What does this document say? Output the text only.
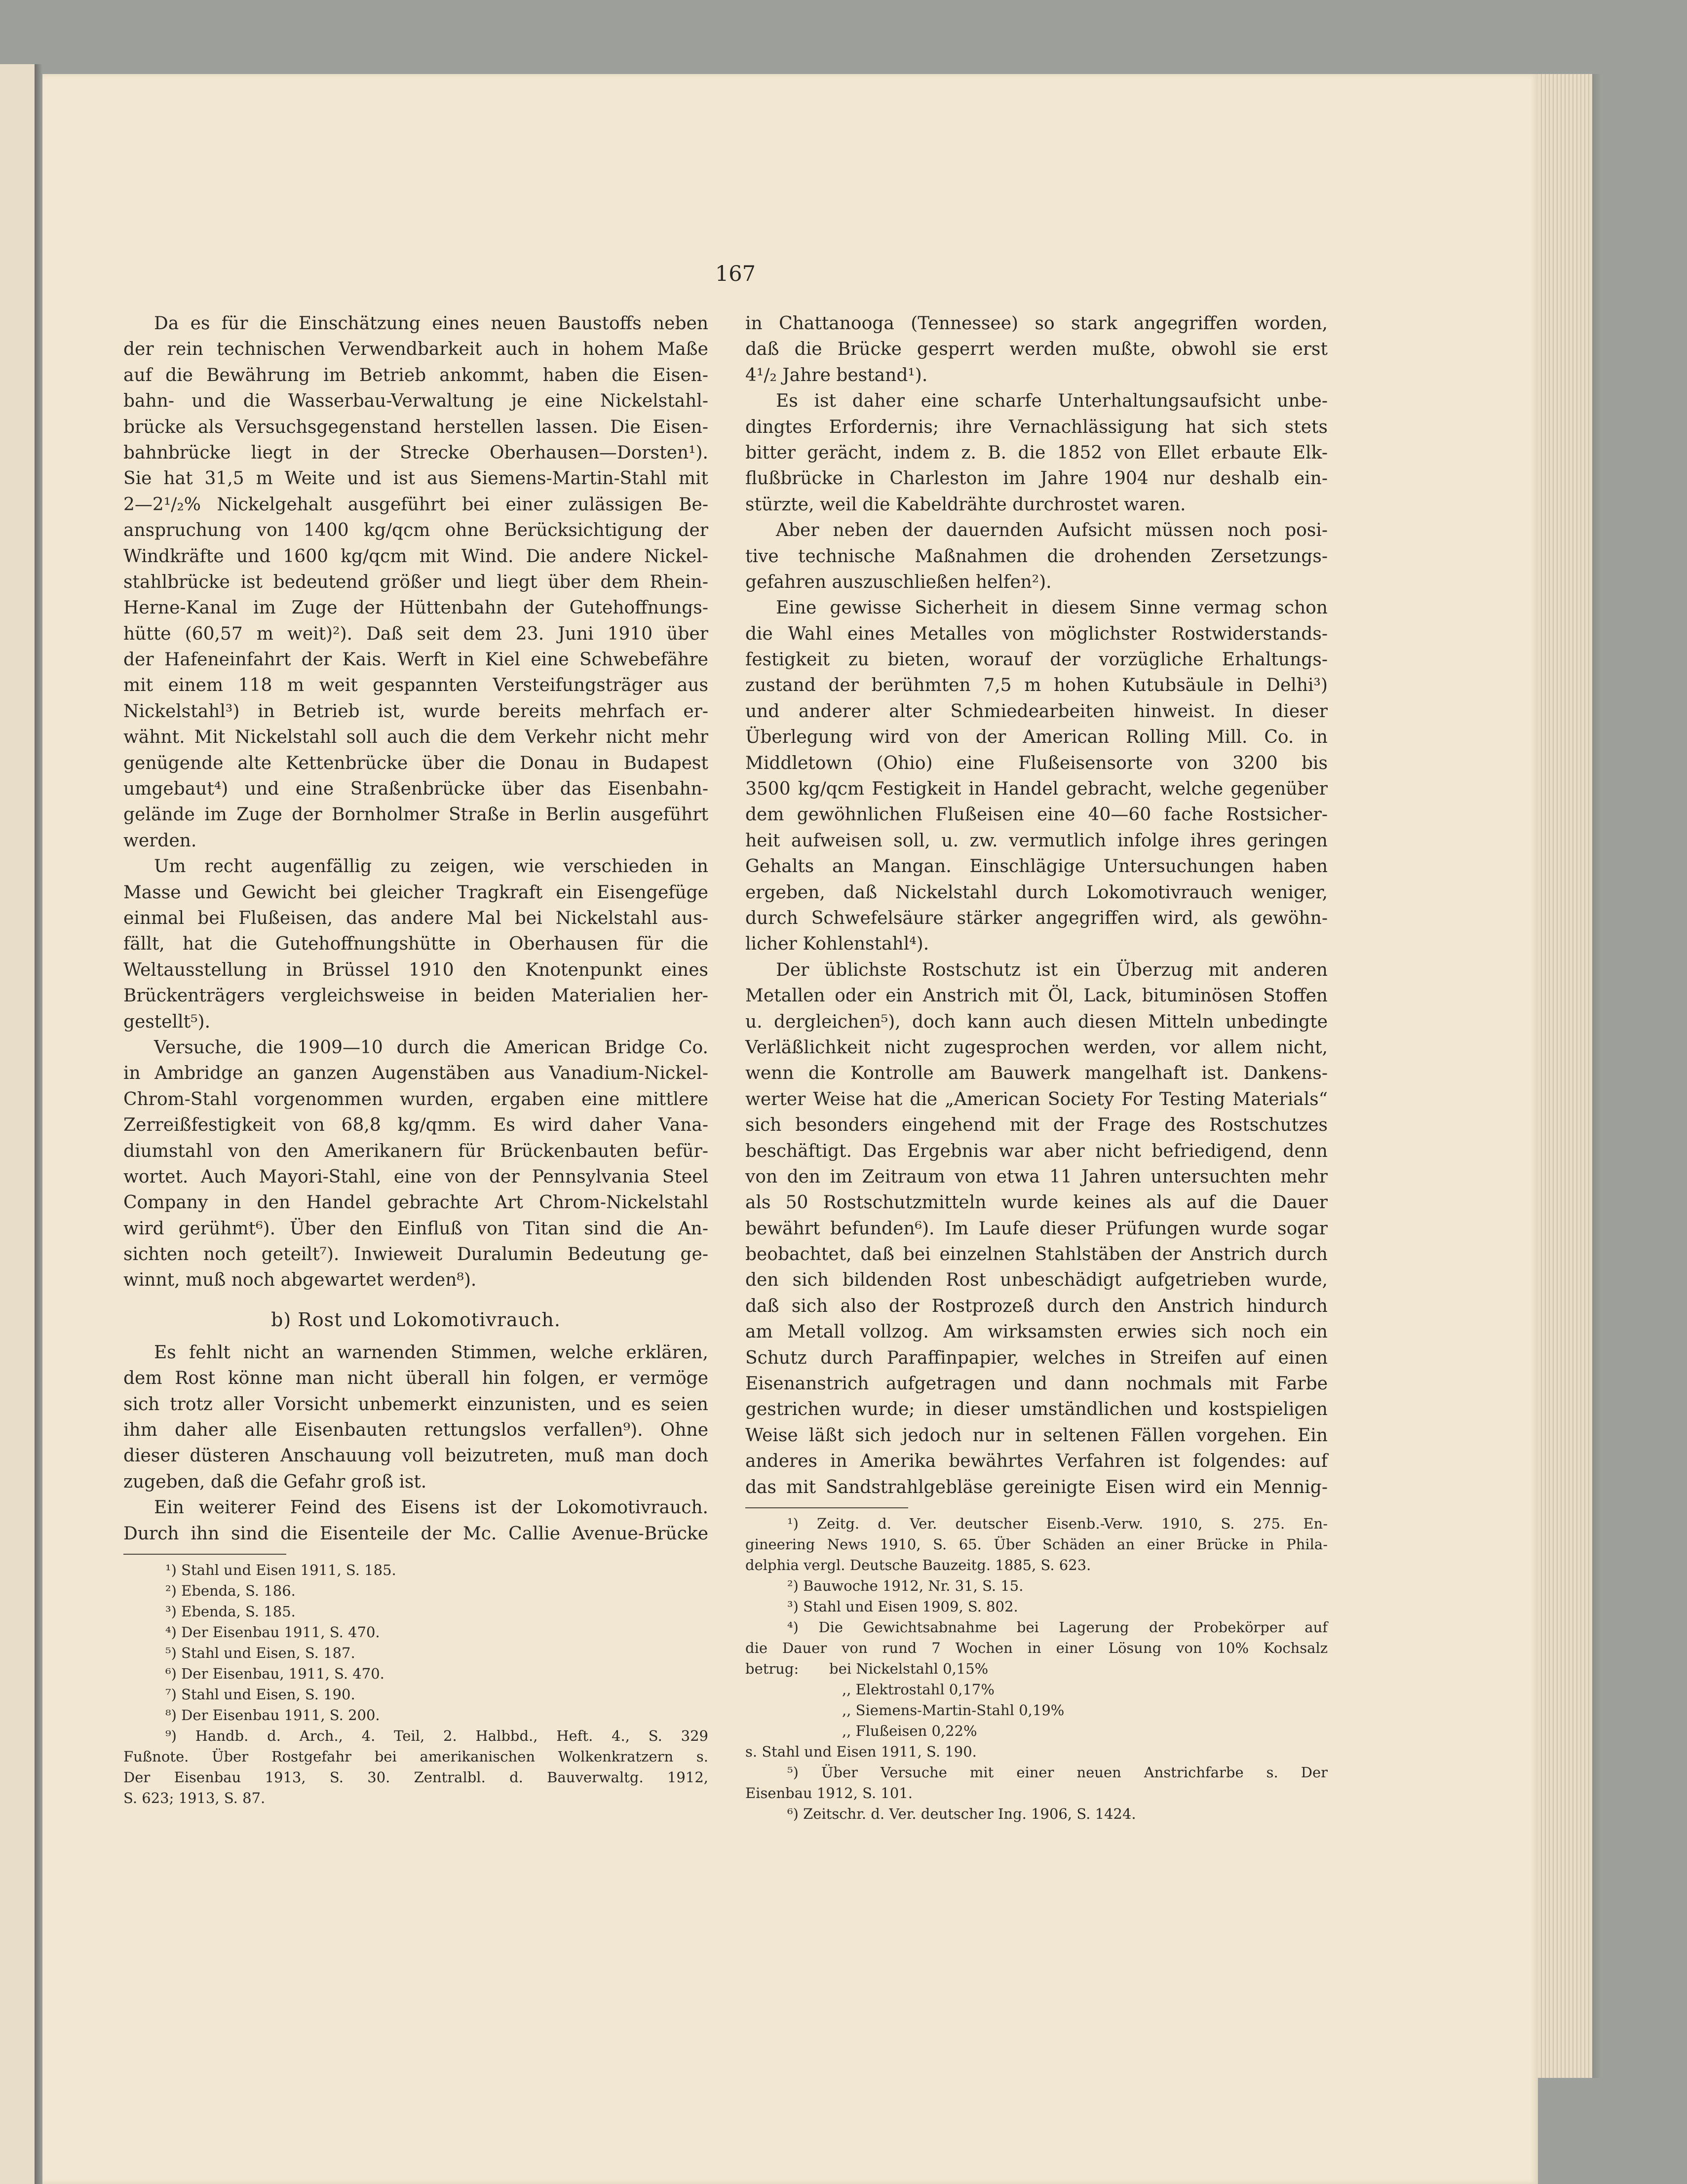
167

Da es für die Einschätzung eines neuen Baustoffs neben

der rein technischen Verwendbarkeit auch in hohem Maße

auf die Bewährung im Betrieb ankommt, haben die Eisen-

bahn- und die Wasserbau-Verwaltung je eine Nickelstahl-

brücke als Versuchsgegenstand herstellen lassen. Die Eisen-

bahnbrücke liegt in der Strecke Oberhausen—Dorsten¹).

Sie hat 31,5 m Weite und ist aus Siemens-Martin-Stahl mit

2—2¹/₂% Nickelgehalt ausgeführt bei einer zulässigen Be-

anspruchung von 1400 kg/qcm ohne Berücksichtigung der

Windkräfte und 1600 kg/qcm mit Wind. Die andere Nickel-

stahlbrücke ist bedeutend größer und liegt über dem Rhein-

Herne-Kanal im Zuge der Hüttenbahn der Gutehoffnungs-

hütte (60,57 m weit)²). Daß seit dem 23. Juni 1910 über

der Hafeneinfahrt der Kais. Werft in Kiel eine Schwebefähre

mit einem 118 m weit gespannten Versteifungsträger aus

Nickelstahl³) in Betrieb ist, wurde bereits mehrfach er-

wähnt. Mit Nickelstahl soll auch die dem Verkehr nicht mehr

genügende alte Kettenbrücke über die Donau in Budapest

umgebaut⁴) und eine Straßenbrücke über das Eisenbahn-

gelände im Zuge der Bornholmer Straße in Berlin ausgeführt

werden.

Um recht augenfällig zu zeigen, wie verschieden in

Masse und Gewicht bei gleicher Tragkraft ein Eisengefüge

einmal bei Flußeisen, das andere Mal bei Nickelstahl aus-

fällt, hat die Gutehoffnungshütte in Oberhausen für die

Weltausstellung in Brüssel 1910 den Knotenpunkt eines

Brückenträgers vergleichsweise in beiden Materialien her-

gestellt⁵).

Versuche, die 1909—10 durch die American Bridge Co.

in Ambridge an ganzen Augenstäben aus Vanadium-Nickel-

Chrom-Stahl vorgenommen wurden, ergaben eine mittlere

Zerreißfestigkeit von 68,8 kg/qmm. Es wird daher Vana-

diumstahl von den Amerikanern für Brückenbauten befür-

wortet. Auch Mayori-Stahl, eine von der Pennsylvania Steel

Company in den Handel gebrachte Art Chrom-Nickelstahl

wird gerühmt⁶). Über den Einfluß von Titan sind die An-

sichten noch geteilt⁷). Inwieweit Duralumin Bedeutung ge-

winnt, muß noch abgewartet werden⁸).

b) Rost und Lokomotivrauch.

Es fehlt nicht an warnenden Stimmen, welche erklären,

dem Rost könne man nicht überall hin folgen, er vermöge

sich trotz aller Vorsicht unbemerkt einzunisten, und es seien

ihm daher alle Eisenbauten rettungslos verfallen⁹). Ohne

dieser düsteren Anschauung voll beizutreten, muß man doch

zugeben, daß die Gefahr groß ist.

Ein weiterer Feind des Eisens ist der Lokomotivrauch.

Durch ihn sind die Eisenteile der Mc. Callie Avenue-Brücke

¹) Stahl und Eisen 1911, S. 185.

²) Ebenda, S. 186.

³) Ebenda, S. 185.

⁴) Der Eisenbau 1911, S. 470.

⁵) Stahl und Eisen, S. 187.

⁶) Der Eisenbau, 1911, S. 470.

⁷) Stahl und Eisen, S. 190.

⁸) Der Eisenbau 1911, S. 200.

⁹) Handb. d. Arch., 4. Teil, 2. Halbbd., Heft. 4., S. 329

Fußnote. Über Rostgefahr bei amerikanischen Wolkenkratzern s.

Der Eisenbau 1913, S. 30. Zentralbl. d. Bauverwaltg. 1912,

S. 623; 1913, S. 87.

in Chattanooga (Tennessee) so stark angegriffen worden,

daß die Brücke gesperrt werden mußte, obwohl sie erst

4¹/₂ Jahre bestand¹).

Es ist daher eine scharfe Unterhaltungsaufsicht unbe-

dingtes Erfordernis; ihre Vernachlässigung hat sich stets

bitter gerächt, indem z. B. die 1852 von Ellet erbaute Elk-

flußbrücke in Charleston im Jahre 1904 nur deshalb ein-

stürzte, weil die Kabeldrähte durchrostet waren.

Aber neben der dauernden Aufsicht müssen noch posi-

tive technische Maßnahmen die drohenden Zersetzungs-

gefahren auszuschließen helfen²).

Eine gewisse Sicherheit in diesem Sinne vermag schon

die Wahl eines Metalles von möglichster Rostwiderstands-

festigkeit zu bieten, worauf der vorzügliche Erhaltungs-

zustand der berühmten 7,5 m hohen Kutubsäule in Delhi³)

und anderer alter Schmiedearbeiten hinweist. In dieser

Überlegung wird von der American Rolling Mill. Co. in

Middletown (Ohio) eine Flußeisensorte von 3200 bis

3500 kg/qcm Festigkeit in Handel gebracht, welche gegenüber

dem gewöhnlichen Flußeisen eine 40—60 fache Rostsicher-

heit aufweisen soll, u. zw. vermutlich infolge ihres geringen

Gehalts an Mangan. Einschlägige Untersuchungen haben

ergeben, daß Nickelstahl durch Lokomotivrauch weniger,

durch Schwefelsäure stärker angegriffen wird, als gewöhn-

licher Kohlenstahl⁴).

Der üblichste Rostschutz ist ein Überzug mit anderen

Metallen oder ein Anstrich mit Öl, Lack, bituminösen Stoffen

u. dergleichen⁵), doch kann auch diesen Mitteln unbedingte

Verläßlichkeit nicht zugesprochen werden, vor allem nicht,

wenn die Kontrolle am Bauwerk mangelhaft ist. Dankens-

werter Weise hat die „American Society For Testing Materials“

sich besonders eingehend mit der Frage des Rostschutzes

beschäftigt. Das Ergebnis war aber nicht befriedigend, denn

von den im Zeitraum von etwa 11 Jahren untersuchten mehr

als 50 Rostschutzmitteln wurde keines als auf die Dauer

bewährt befunden⁶). Im Laufe dieser Prüfungen wurde sogar

beobachtet, daß bei einzelnen Stahlstäben der Anstrich durch

den sich bildenden Rost unbeschädigt aufgetrieben wurde,

daß sich also der Rostprozeß durch den Anstrich hindurch

am Metall vollzog. Am wirksamsten erwies sich noch ein

Schutz durch Paraffinpapier, welches in Streifen auf einen

Eisenanstrich aufgetragen und dann nochmals mit Farbe

gestrichen wurde; in dieser umständlichen und kostspieligen

Weise läßt sich jedoch nur in seltenen Fällen vorgehen. Ein

anderes in Amerika bewährtes Verfahren ist folgendes: auf

das mit Sandstrahlgebläse gereinigte Eisen wird ein Mennig-

¹) Zeitg. d. Ver. deutscher Eisenb.-Verw. 1910, S. 275. En-

gineering News 1910, S. 65. Über Schäden an einer Brücke in Phila-

delphia vergl. Deutsche Bauzeitg. 1885, S. 623.

²) Bauwoche 1912, Nr. 31, S. 15.

³) Stahl und Eisen 1909, S. 802.

⁴) Die Gewichtsabnahme bei Lagerung der Probekörper auf

die Dauer von rund 7 Wochen in einer Lösung von 10% Kochsalz

betrug: bei Nickelstahl 0,15%

,, Elektrostahl 0,17%

,, Siemens-Martin-Stahl 0,19%

,, Flußeisen 0,22%

s. Stahl und Eisen 1911, S. 190.

⁵) Über Versuche mit einer neuen Anstrichfarbe s. Der

Eisenbau 1912, S. 101.

⁶) Zeitschr. d. Ver. deutscher Ing. 1906, S. 1424.
